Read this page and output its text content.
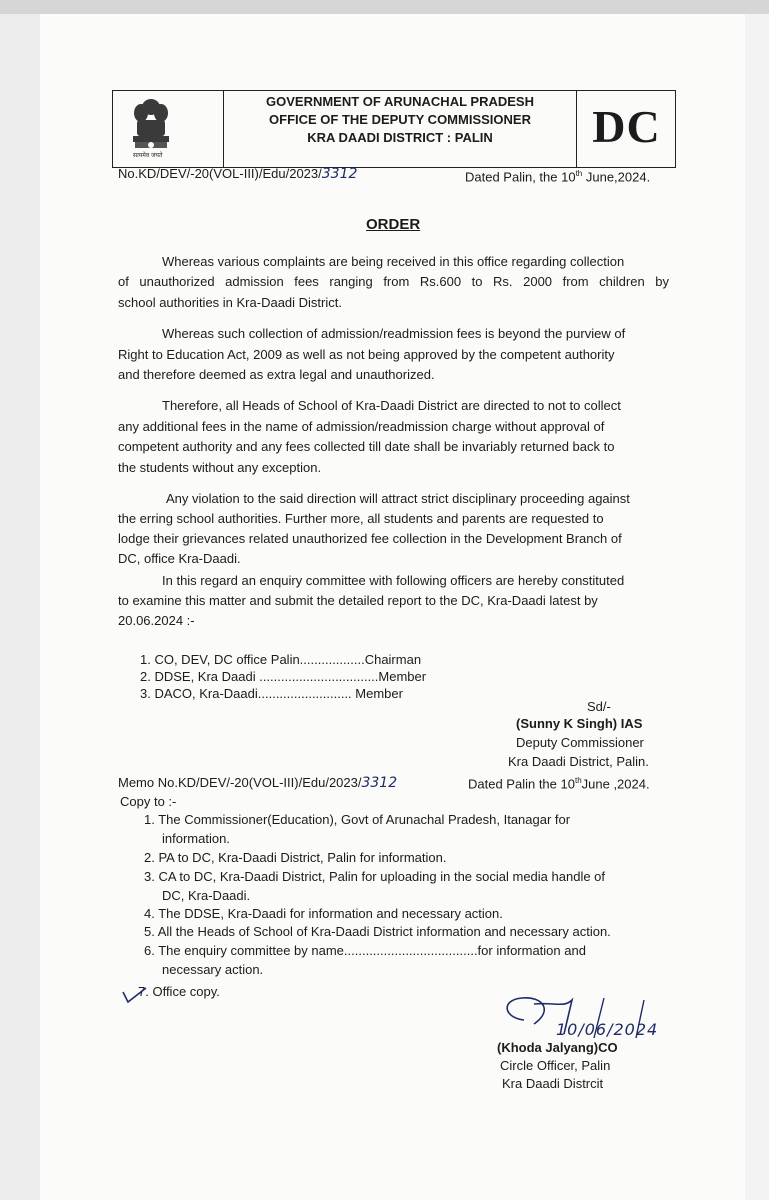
सत्यमेव जयते
GOVERNMENT OF ARUNACHAL PRADESH
OFFICE OF THE DEPUTY COMMISSIONER
KRA DAADI DISTRICT : PALIN	DC
No.KD/DEV/-20(VOL-III)/Edu/2023/3312	Dated Palin, the 10th June,2024.
ORDER
Whereas various complaints are being received in this office regarding collection
of unauthorized admission fees ranging from Rs.600 to Rs. 2000 from children by
school authorities in Kra-Daadi District.
Whereas such collection of admission/readmission fees is beyond the purview of
Right to Education Act, 2009 as well as not being approved by the competent authority
and therefore deemed as extra legal and unauthorized.
Therefore, all Heads of School of Kra-Daadi District are directed to not to collect
any additional fees in the name of admission/readmission charge without approval of
competent authority and any fees collected till date shall be invariably returned back to
the students without any exception.
Any violation to the said direction will attract strict disciplinary proceeding against
the erring school authorities. Further more, all students and parents are requested to
lodge their grievances related unauthorized fee collection in the Development Branch of
DC, office Kra-Daadi.
In this regard an enquiry committee with following officers are hereby constituted
to examine this matter and submit the detailed report to the DC, Kra-Daadi latest by
20.06.2024 :-
1. CO, DEV, DC office Palin..................Chairman
2. DDSE, Kra Daadi .................................Member
3. DACO, Kra-Daadi.......................... Member
Sd/-
(Sunny K Singh) IAS
Deputy Commissioner
Kra Daadi District, Palin.
Memo No.KD/DEV/-20(VOL-III)/Edu/2023/3312	Dated Palin the 10thJune ,2024.
Copy to :-
1. The Commissioner(Education), Govt of Arunachal Pradesh, Itanagar for
information.
2. PA to DC, Kra-Daadi District, Palin for information.
3. CA to DC, Kra-Daadi District, Palin for uploading in the social media handle of
DC, Kra-Daadi.
4. The DDSE, Kra-Daadi for information and necessary action.
5. All the Heads of School of Kra-Daadi District information and necessary action.
6. The enquiry committee by name.....................................for information and
necessary action.
7. Office copy.
10/06/2024
(Khoda Jalyang)CO
Circle Officer, Palin
Kra Daadi Distrcit
